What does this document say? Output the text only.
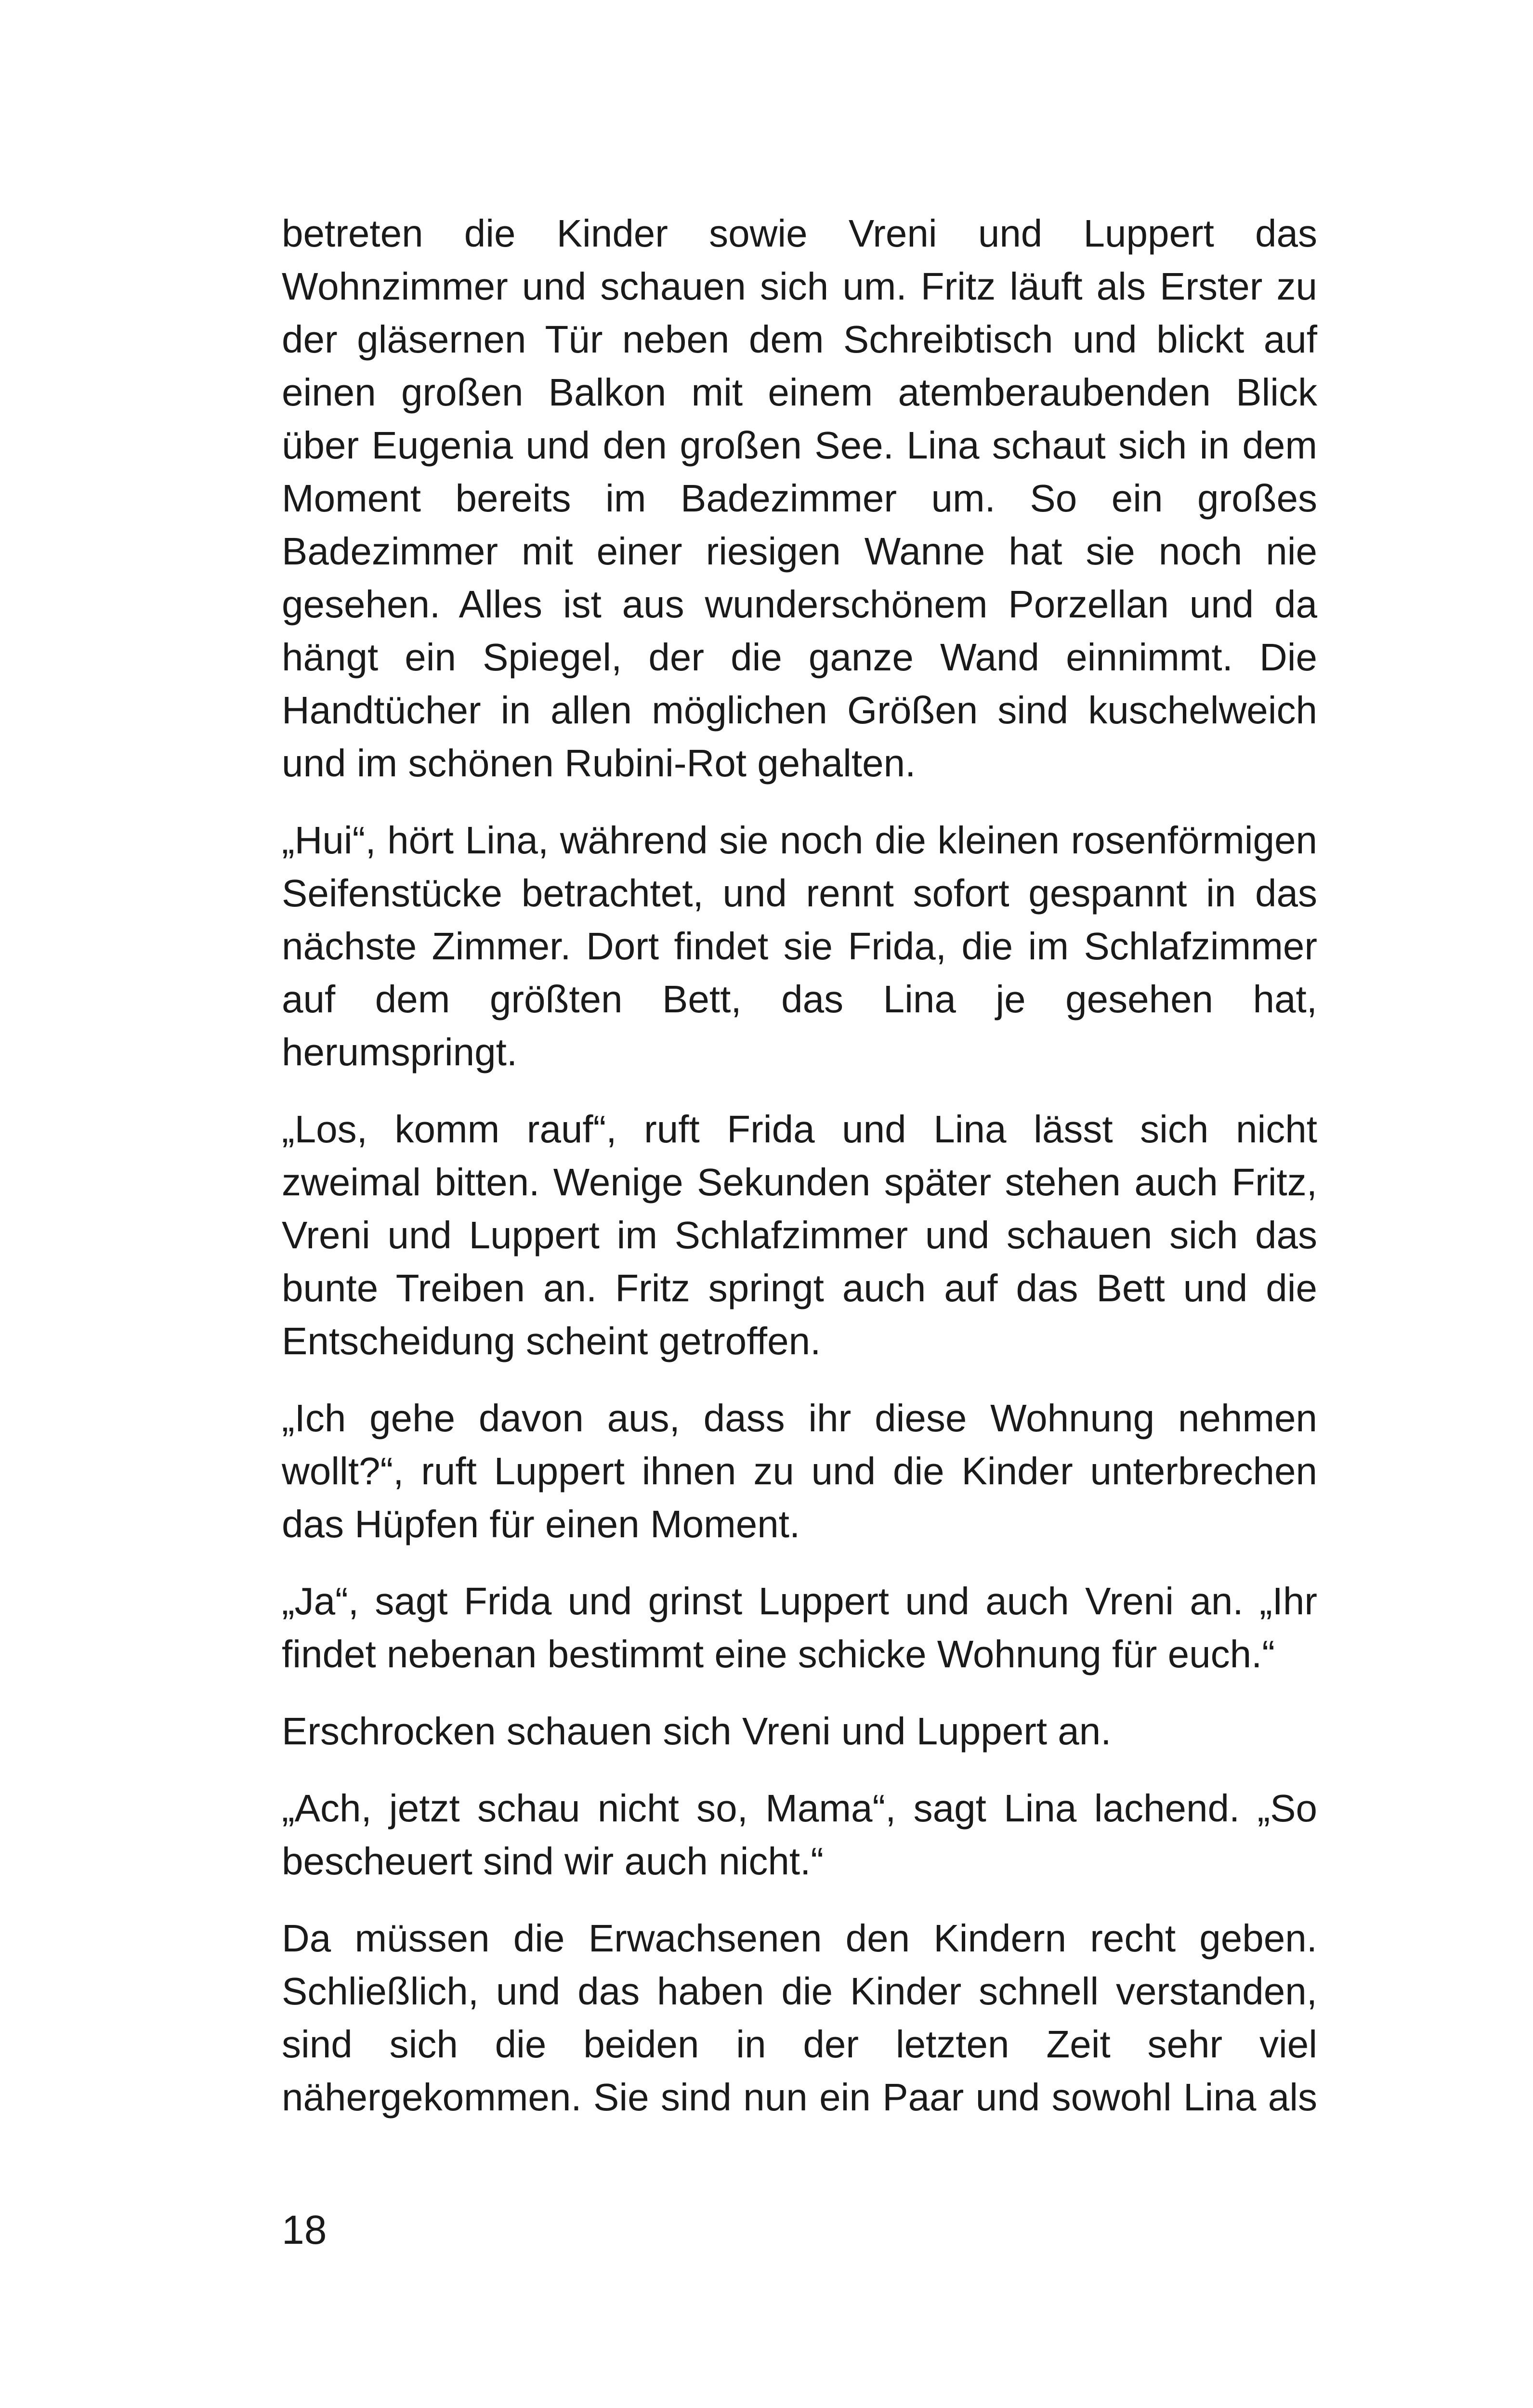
betreten die Kinder sowie Vreni und Luppert das Wohnzimmer und schauen sich um. Fritz läuft als Erster zu der gläsernen Tür neben dem Schreibtisch und blickt auf einen großen Balkon mit einem atemberaubenden Blick über Eugenia und den großen See. Lina schaut sich in dem Moment bereits im Badezimmer um. So ein großes Badezimmer mit einer riesigen Wanne hat sie noch nie gesehen. Alles ist aus wunderschönem Porzellan und da hängt ein Spiegel, der die ganze Wand einnimmt. Die Handtücher in allen möglichen Größen sind kuschelweich und im schönen Rubini-Rot gehalten.

„Hui“, hört Lina, während sie noch die kleinen rosenförmigen Seifenstücke betrachtet, und rennt sofort gespannt in das nächste Zimmer. Dort findet sie Frida, die im Schlafzimmer auf dem größten Bett, das Lina je gesehen hat, herumspringt.

„Los, komm rauf“, ruft Frida und Lina lässt sich nicht zweimal bitten. Wenige Sekunden später stehen auch Fritz, Vreni und Luppert im Schlafzimmer und schauen sich das bunte Treiben an. Fritz springt auch auf das Bett und die Entscheidung scheint getroffen.

„Ich gehe davon aus, dass ihr diese Wohnung nehmen wollt?“, ruft Luppert ihnen zu und die Kinder unterbrechen das Hüpfen für einen Moment.

„Ja“, sagt Frida und grinst Luppert und auch Vreni an. „Ihr findet nebenan bestimmt eine schicke Wohnung für euch.“

Erschrocken schauen sich Vreni und Luppert an.

„Ach, jetzt schau nicht so, Mama“, sagt Lina lachend. „So bescheuert sind wir auch nicht.“

Da müssen die Erwachsenen den Kindern recht geben. Schließlich, und das haben die Kinder schnell verstanden, sind sich die beiden in der letzten Zeit sehr viel nähergekommen. Sie sind nun ein Paar und sowohl Lina als

18
